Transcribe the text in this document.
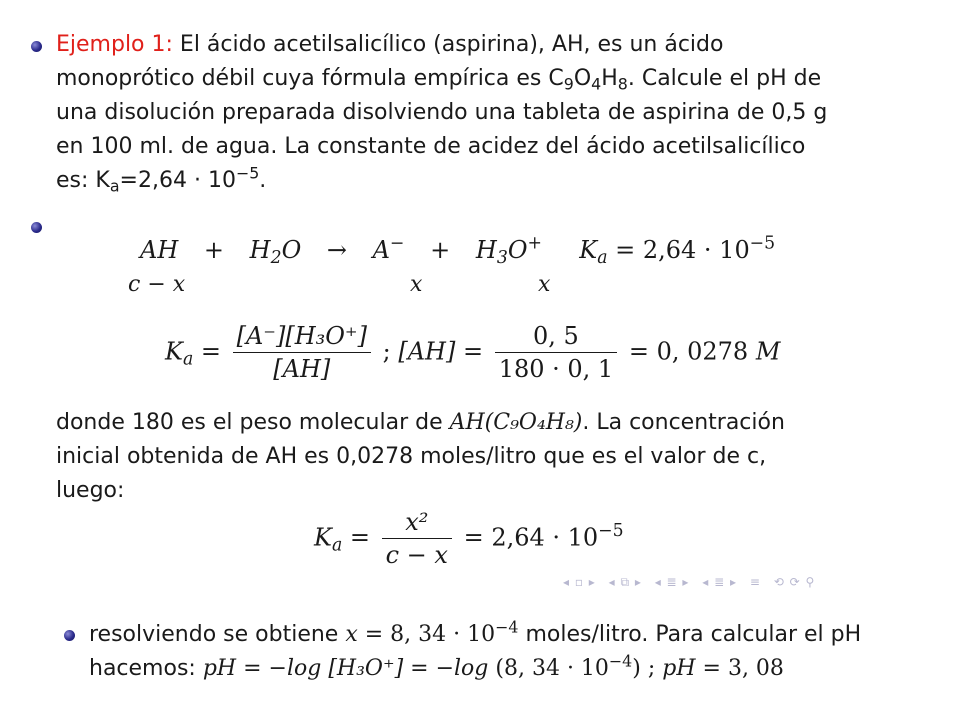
Ejemplo 1: El ácido acetilsalicílico (aspirina), AH, es un ácido
monoprótico débil cuya fórmula empírica es $C_9O_4H_8$. Calcule el pH de
una disolución preparada disolviendo una tableta de aspirina de 0,5 g
en 100 ml. de agua. La constante de acidez del ácido acetilsalicílico
es: $K_a=2,64 \cdot 10^{-5}$.
AH + $H_2O \to A^- + H_3O^+$ $K_a = 2,64 \cdot 10^{-5}$
c − x	x	x
$K_a = \frac{\text{[A⁻][H₃O⁺]}}{[AH]}$ ; $[AH] = \frac{0, 5}{180 \cdot 0, 1} = 0$, 0278 M
donde 180 es el peso molecular de AH(C₉O₄H₈). La concentración
inicial obtenida de AH es 0,0278 moles/litro que es el valor de c,
luego:
$K_a = \frac{\text{x²}}{c - x} = 2,64 \cdot 10^{-5}$
◂ ▫ ▸ ◂ ⧉ ▸ ◂ ≣ ▸ ◂ ≣ ▸ ≡ ⟲ ⟳ ⚲
resolviendo se obtiene x = 8, $34 \cdot 10^{-4}$ moles/litro. Para calcular el pH
hacemos: pH = −log [H₃O⁺] = −log (8, $34 \cdot 10^{-4}$) ; pH = 3, 08
